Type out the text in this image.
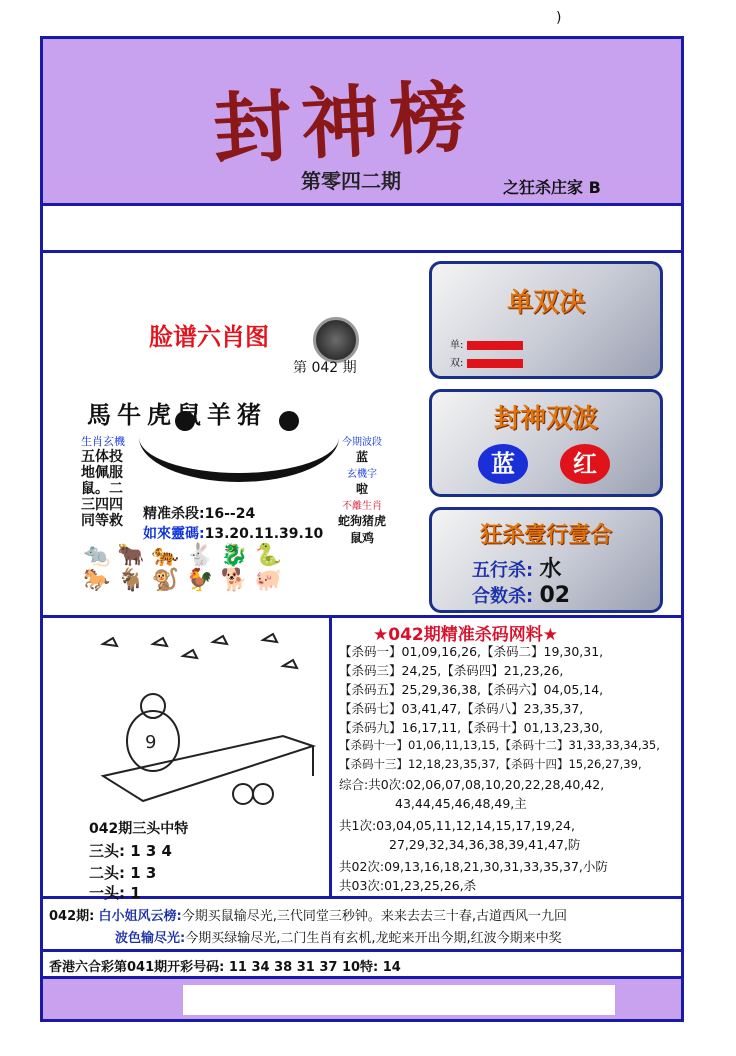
)
封神榜
第零四二期	之狂杀庄家 B
脸谱六肖图
第 042 期
馬牛虎鼠羊猪
生肖玄機
五体投地佩服鼠。二三四四同等救
今期波段
蓝
玄機字
啦
不離生肖
蛇狗猪虎鼠鸡
精准杀段:16--24
如來靈碼:13.20.11.39.10
🐀 🐂 🐅 🐇 🐉 🐍
🐎 🐐 🐒 🐓 🐕 🐖
单双决
单:
双:
封神双波
蓝	红
狂杀壹行壹合
五行杀: 水
合数杀: 02
9
042期三头中特
三头: 1 3 4
二头: 1 3
一头: 1
★042期精准杀码网料★
【杀码一】01,09,16,26,【杀码二】19,30,31,
【杀码三】24,25,【杀码四】21,23,26,
【杀码五】25,29,36,38,【杀码六】04,05,14,
【杀码七】03,41,47,【杀码八】23,35,37,
【杀码九】16,17,11,【杀码十】01,13,23,30,
【杀码十一】01,06,11,13,15,【杀码十二】31,33,33,34,35,
【杀码十三】12,18,23,35,37,【杀码十四】15,26,27,39,
综合:共0次:02,06,07,08,10,20,22,28,40,42,
43,44,45,46,48,49,主
共1次:03,04,05,11,12,14,15,17,19,24,
27,29,32,34,36,38,39,41,47,防
共02次:09,13,16,18,21,30,31,33,35,37,小防
共03次:01,23,25,26,杀
042期: 白小姐风云榜:今期买鼠输尽光,三代同堂三秒钟。来来去去三十春,古道西风一九回
波色输尽光:今期买绿输尽光,二门生肖有玄机,龙蛇来开出今期,红波今期来中奖
香港六合彩第041期开彩号码: 11 34 38 31 37 10特: 14
